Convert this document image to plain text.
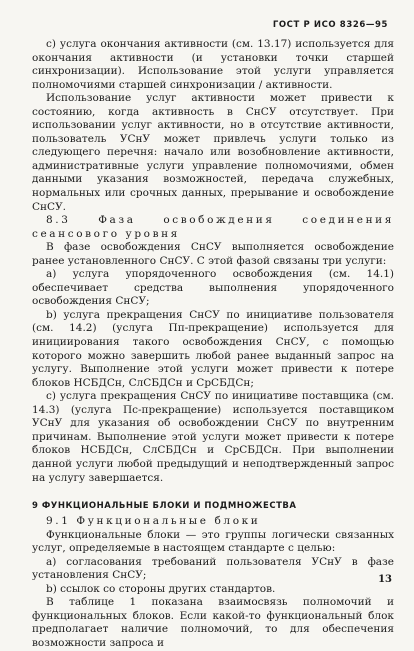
ГОСТ Р ИСО 8326—95

c) услуга окончания активности (см. 13.17) используется для окончания активности (и установки точки старшей синхронизации). Использование этой услуги управляется полномочиями старшей синхронизации / активности.

Использование услуг активности может привести к состоянию, когда активность в СнСУ отсутствует. При использовании услуг активности, но в отсутствие активности, пользователь УСнУ может привлечь услуги только из следующего перечня: начало или возобновление активности, административные услуги управление полномочиями, обмен данными указания возможностей, передача служебных, нормальных или срочных данных, прерывание и освобождение СнСУ.

8.3 Фаза освобождения соединения сеансового уровня

В фазе освобождения СнСУ выполняется освобождение ранее установленного СнСУ. С этой фазой связаны три услуги:

a) услуга упорядоченного освобождения (см. 14.1) обеспечивает средства выполнения упорядоченного освобождения СнСУ;

b) услуга прекращения СнСУ по инициативе пользователя (см. 14.2) (услуга Пп-прекращение) используется для инициирования такого освобождения СнСУ, с помощью которого можно завершить любой ранее выданный запрос на услугу. Выполнение этой услуги может привести к потере блоков НСБДСн, СлСБДСн и СрСБДСн;

c) услуга прекращения СнСУ по инициативе поставщика (см. 14.3) (услуга Пс-прекращение) используется поставщиком УСнУ для указания об освобождении СнСУ по внутренним причинам. Выполнение этой услуги может привести к потере блоков НСБДСн, СлСБДСн и СрСБДСн. При выполнении данной услуги любой предыдущий и неподтвержденный запрос на услугу завершается.

9 ФУНКЦИОНАЛЬНЫЕ БЛОКИ И ПОДМНОЖЕСТВА

9.1 Функциональные блоки

Функциональные блоки — это группы логически связанных услуг, определяемые в настоящем стандарте с целью:

a) согласования требований пользователя УСнУ в фазе установления СнСУ;

b) ссылок со стороны других стандартов.

В таблице 1 показана взаимосвязь полномочий и функциональных блоков. Если какой-то функциональный блок предполагает наличие полномочий, то для обеспечения возможности запроса и

13
